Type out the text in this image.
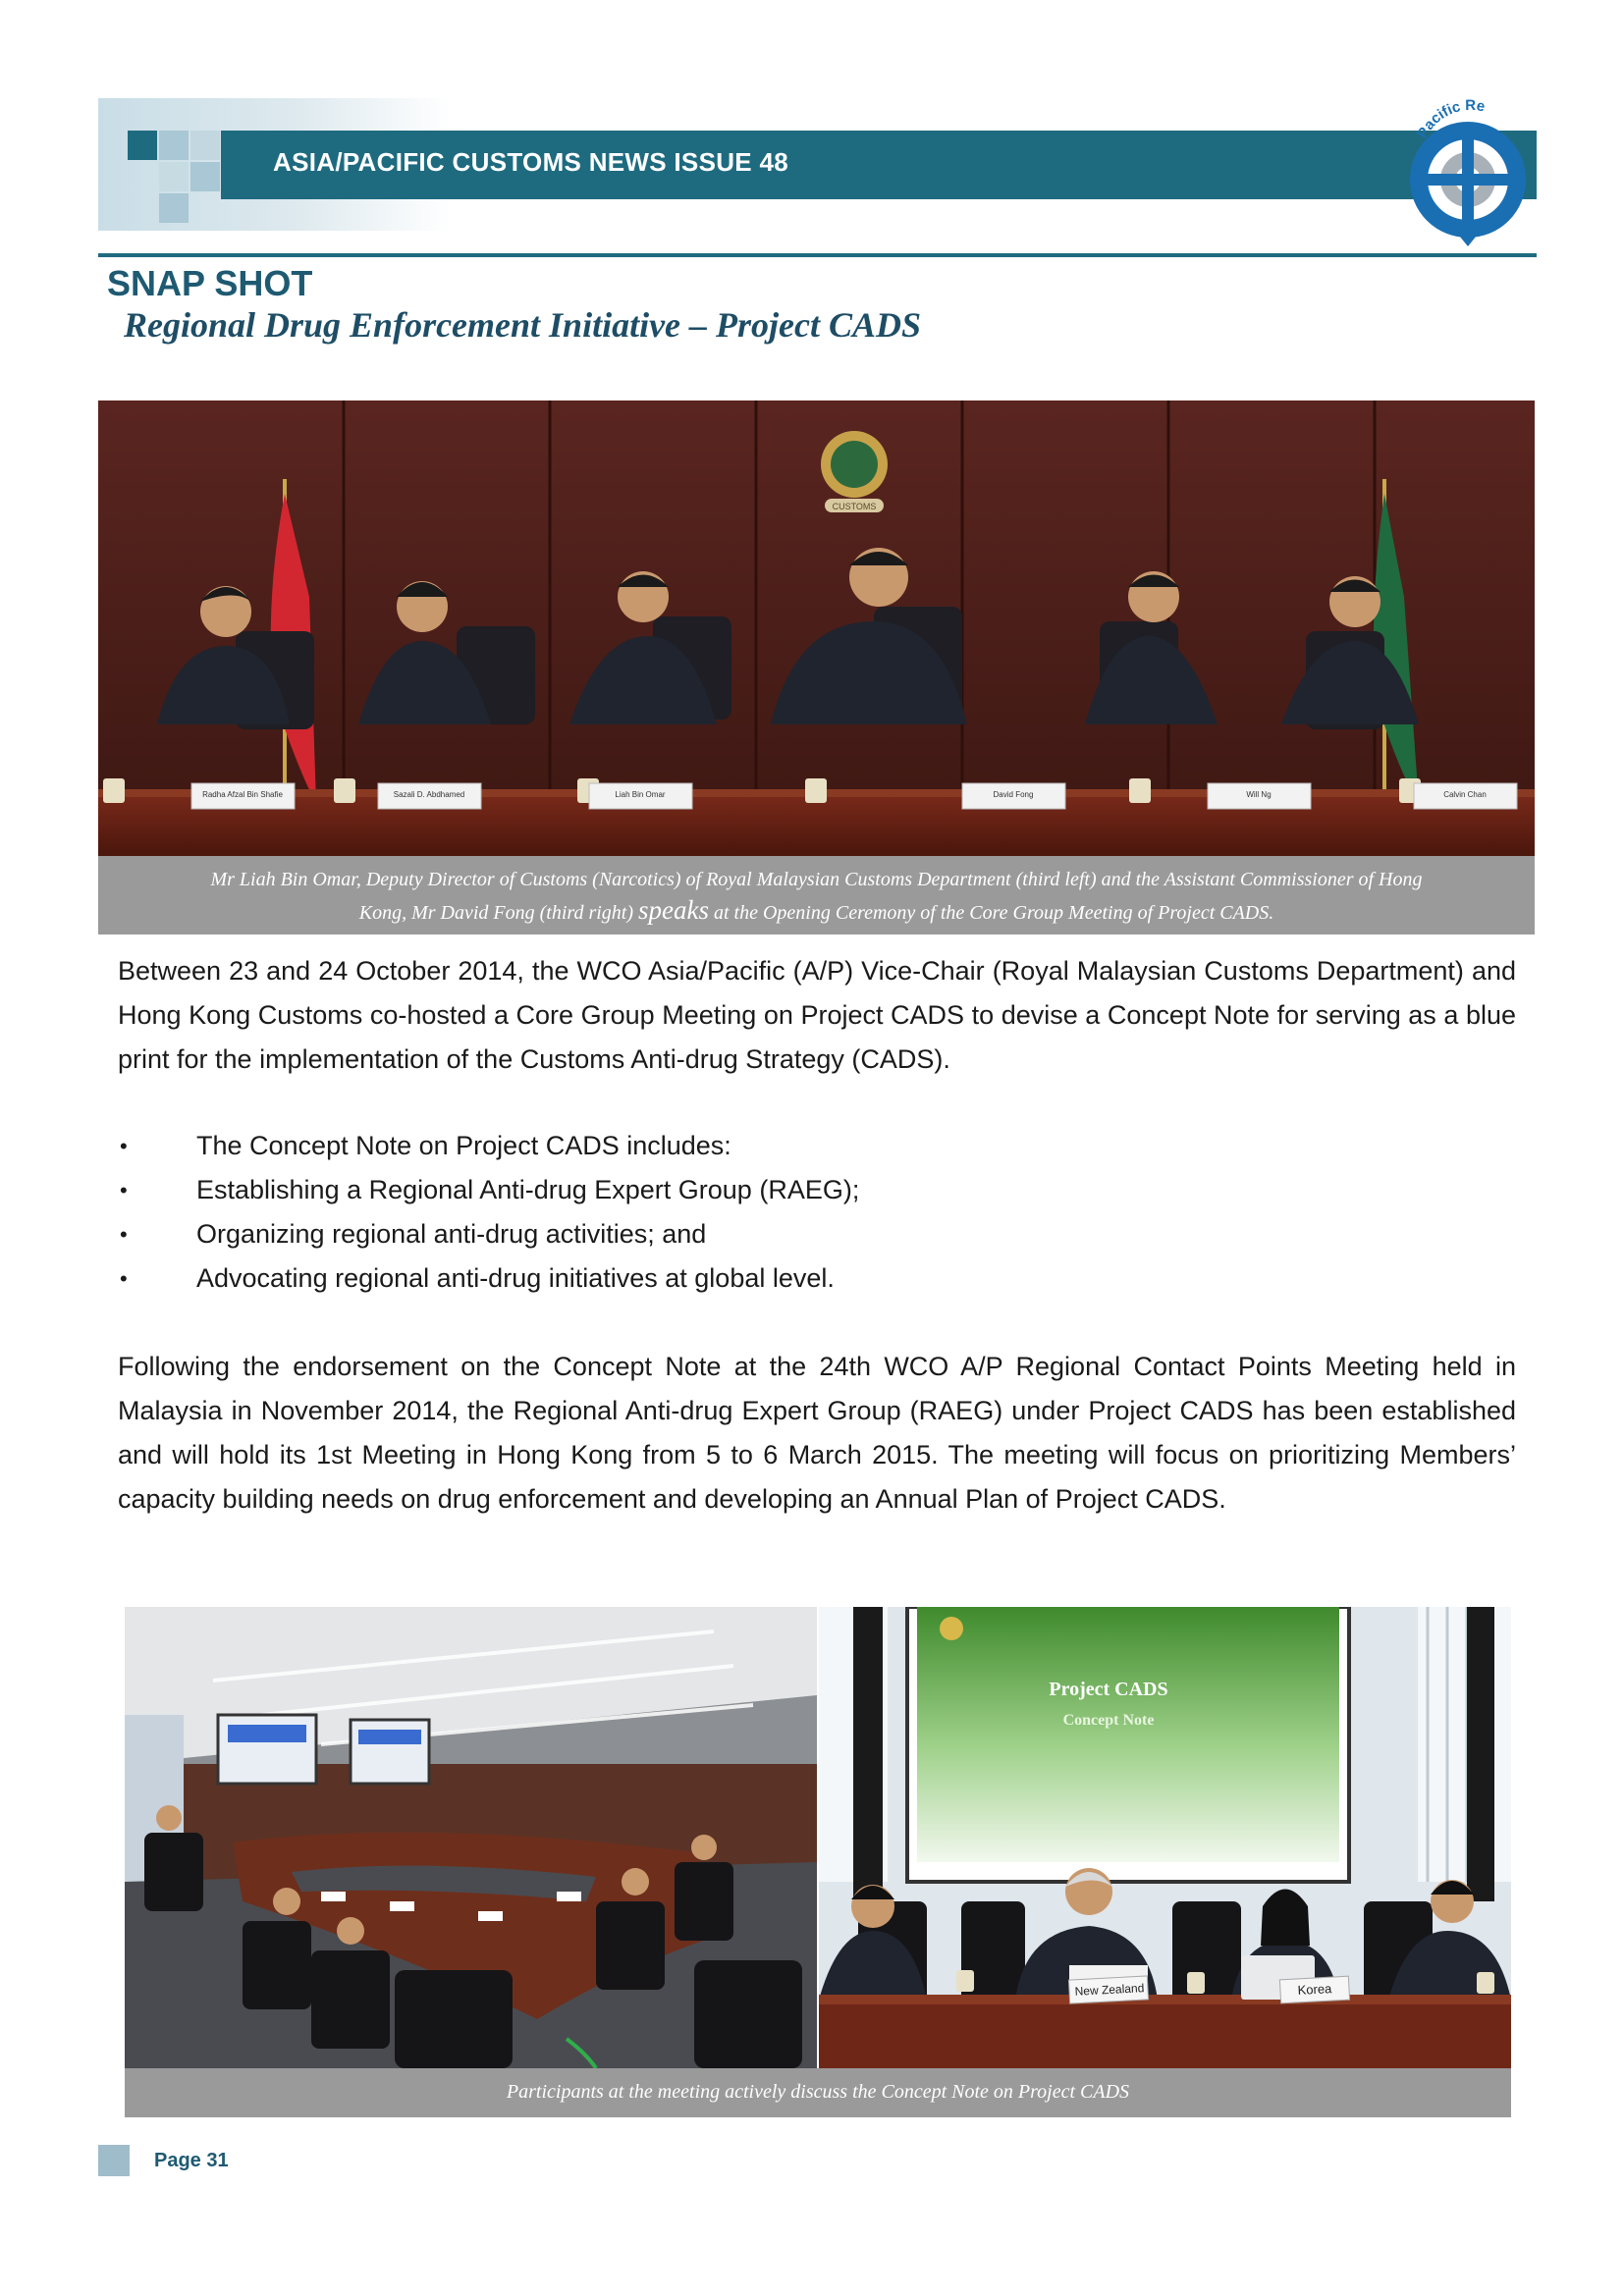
ASIA/PACIFIC CUSTOMS NEWS ISSUE 48
Pacific Re
SNAP SHOT
Regional Drug Enforcement Initiative – Project CADS
CUSTOMS
Radha Afzal Bin Shafie	Sazali D. Abdhamed	Liah Bin Omar	David Fong	Will Ng	Calvin Chan
Mr Liah Bin Omar, Deputy Director of Customs (Narcotics) of Royal Malaysian Customs Department (third left) and the Assistant Commissioner of Hong
Kong, Mr David Fong (third right) speaks at the Opening Ceremony of the Core Group Meeting of Project CADS.
Between 23 and 24 October 2014, the WCO Asia/Pacific (A/P) Vice-Chair (Royal Malaysian Customs Department) and Hong Kong Customs co-hosted a Core Group Meeting on Project CADS to devise a Concept Note for serving as a blue print for the implementation of the Customs Anti-drug Strategy (CADS).
• The Concept Note on Project CADS includes:
• Establishing a Regional Anti-drug Expert Group (RAEG);
• Organizing regional anti-drug activities; and
• Advocating regional anti-drug initiatives at global level.
Following the endorsement on the Concept Note at the 24th WCO A/P Regional Contact Points Meeting held in Malaysia in November 2014, the Regional Anti-drug Expert Group (RAEG) under Project CADS has been established and will hold its 1st Meeting in Hong Kong from 5 to 6 March 2015. The meeting will focus on prioritizing Members’ capacity building needs on drug enforcement and developing an Annual Plan of Project CADS.
Project CADS
Concept Note
New Zealand	Korea
Participants at the meeting actively discuss the Concept Note on Project CADS
Page 31
